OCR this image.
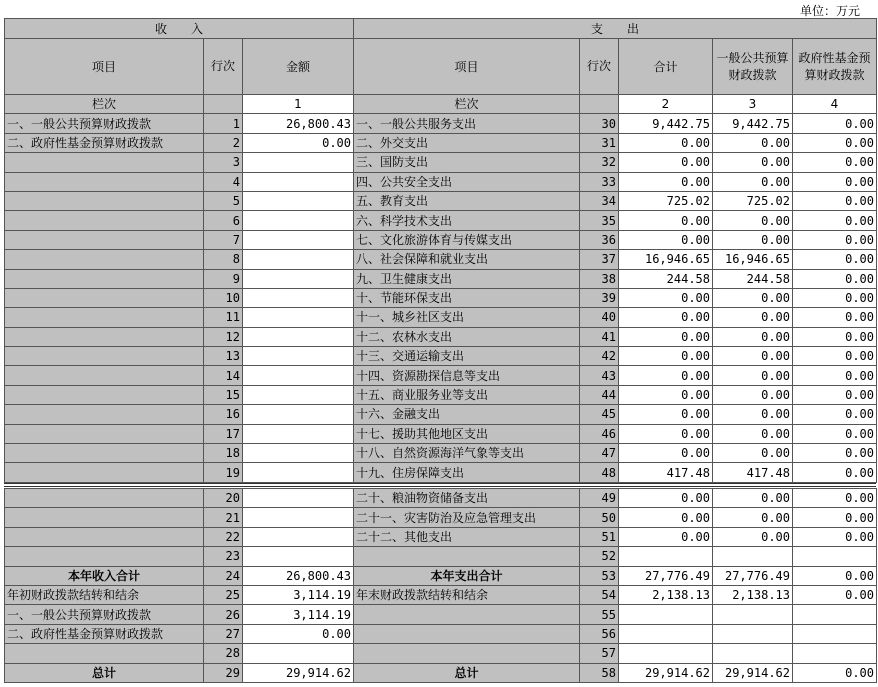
单位：万元
收　　入			支　　出				
项目	行次	金额	项目	行次	合计	一般公共预算财政拨款	政府性基金预算财政拨款
栏次		1	栏次		2	3	4
一、一般公共预算财政拨款	1	26,800.43	一、一般公共服务支出	30	9,442.75	9,442.75	0.00
二、政府性基金预算财政拨款	2	0.00	二、外交支出	31	0.00	0.00	0.00
	3		三、国防支出	32	0.00	0.00	0.00
	4		四、公共安全支出	33	0.00	0.00	0.00
	5		五、教育支出	34	725.02	725.02	0.00
	6		六、科学技术支出	35	0.00	0.00	0.00
	7		七、文化旅游体育与传媒支出	36	0.00	0.00	0.00
	8		八、社会保障和就业支出	37	16,946.65	16,946.65	0.00
	9		九、卫生健康支出	38	244.58	244.58	0.00
	10		十、节能环保支出	39	0.00	0.00	0.00
	11		十一、城乡社区支出	40	0.00	0.00	0.00
	12		十二、农林水支出	41	0.00	0.00	0.00
	13		十三、交通运输支出	42	0.00	0.00	0.00
	14		十四、资源勘探信息等支出	43	0.00	0.00	0.00
	15		十五、商业服务业等支出	44	0.00	0.00	0.00
	16		十六、金融支出	45	0.00	0.00	0.00
	17		十七、援助其他地区支出	46	0.00	0.00	0.00
	18		十八、自然资源海洋气象等支出	47	0.00	0.00	0.00
	19		十九、住房保障支出	48	417.48	417.48	0.00
	20		二十、粮油物资储备支出	49	0.00	0.00	0.00
	21		二十一、灾害防治及应急管理支出	50	0.00	0.00	0.00
	22		二十二、其他支出	51	0.00	0.00	0.00
	23			52			
本年收入合计	24	26,800.43	本年支出合计	53	27,776.49	27,776.49	0.00
年初财政拨款结转和结余	25	3,114.19	年末财政拨款结转和结余	54	2,138.13	2,138.13	0.00
一、一般公共预算财政拨款	26	3,114.19		55			
二、政府性基金预算财政拨款	27	0.00		56			
	28			57			
总计	29	29,914.62	总计	58	29,914.62	29,914.62	0.00
